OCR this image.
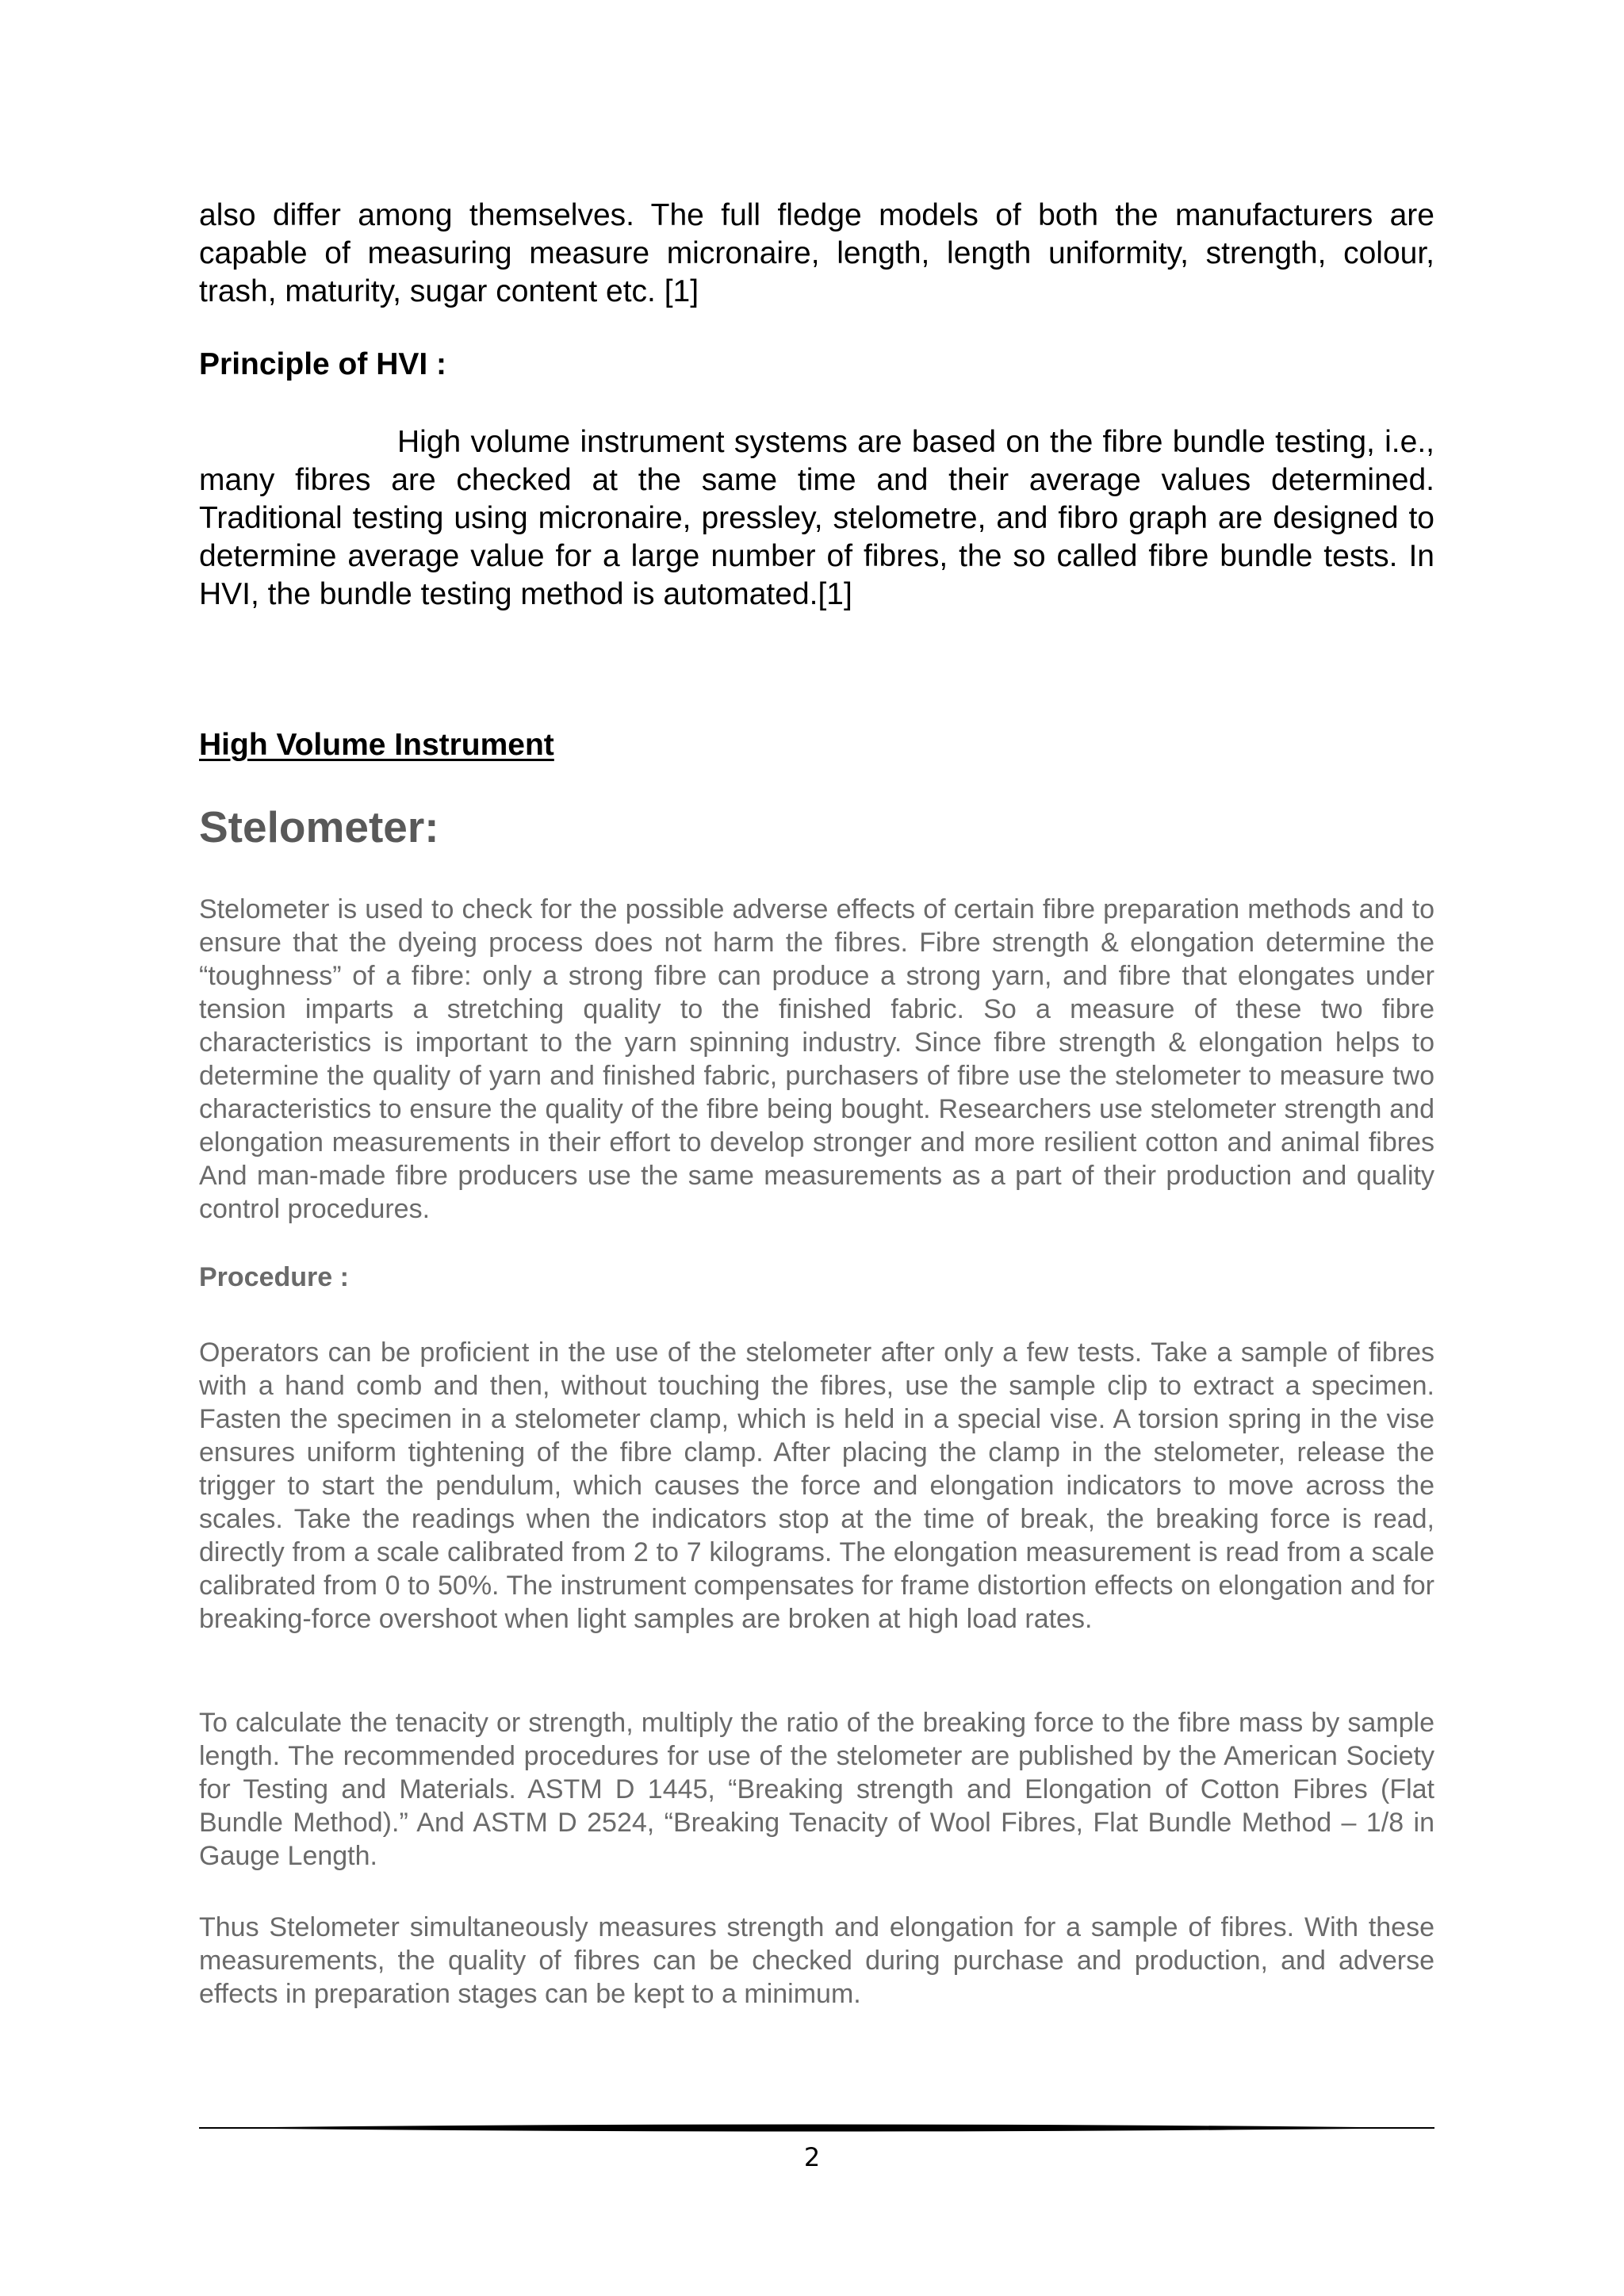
also differ among themselves. The full fledge models of both the manufacturers are capable of measuring measure micronaire, length, length uniformity, strength, colour, trash, maturity, sugar content etc. [1]

Principle of HVI :

High volume instrument systems are based on the fibre bundle testing, i.e., many fibres are checked at the same time and their average values determined. Traditional testing using micronaire, pressley, stelometre, and fibro graph are designed to determine average value for a large number of fibres, the so called fibre bundle tests. In HVI, the bundle testing method is automated.[1]

High Volume Instrument

Stelometer:

Stelometer is used to check for the possible adverse effects of certain fibre preparation methods and to ensure that the dyeing process does not harm the fibres. Fibre strength & elongation determine the “toughness” of a fibre: only a strong fibre can produce a strong yarn, and fibre that elongates under tension imparts a stretching quality to the finished fabric. So a measure of these two fibre characteristics is important to the yarn spinning industry. Since fibre strength & elongation helps to determine the quality of yarn and finished fabric, purchasers of fibre use the stelometer to measure two characteristics to ensure the quality of the fibre being bought. Researchers use stelometer strength and elongation measurements in their effort to develop stronger and more resilient cotton and animal fibres And man-made fibre producers use the same measurements as a part of their production and quality control procedures.

Procedure :

Operators can be proficient in the use of the stelometer after only a few tests. Take a sample of fibres with a hand comb and then, without touching the fibres, use the sample clip to extract a specimen. Fasten the specimen in a stelometer clamp, which is held in a special vise. A torsion spring in the vise ensures uniform tightening of the fibre clamp. After placing the clamp in the stelometer, release the trigger to start the pendulum, which causes the force and elongation indicators to move across the scales. Take the readings when the indicators stop at the time of break, the breaking force is read, directly from a scale calibrated from 2 to 7 kilograms. The elongation measurement is read from a scale calibrated from 0 to 50%. The instrument compensates for frame distortion effects on elongation and for breaking-force overshoot when light samples are broken at high load rates.

To calculate the tenacity or strength, multiply the ratio of the breaking force to the fibre mass by sample length. The recommended procedures for use of the stelometer are published by the American Society for Testing and Materials. ASTM D 1445, “Breaking strength and Elongation of Cotton Fibres (Flat Bundle Method).” And ASTM D 2524, “Breaking Tenacity of Wool Fibres, Flat Bundle Method – 1/8 in Gauge Length.

Thus Stelometer simultaneously measures strength and elongation for a sample of fibres. With these measurements, the quality of fibres can be checked during purchase and production, and adverse effects in preparation stages can be kept to a minimum.

2
